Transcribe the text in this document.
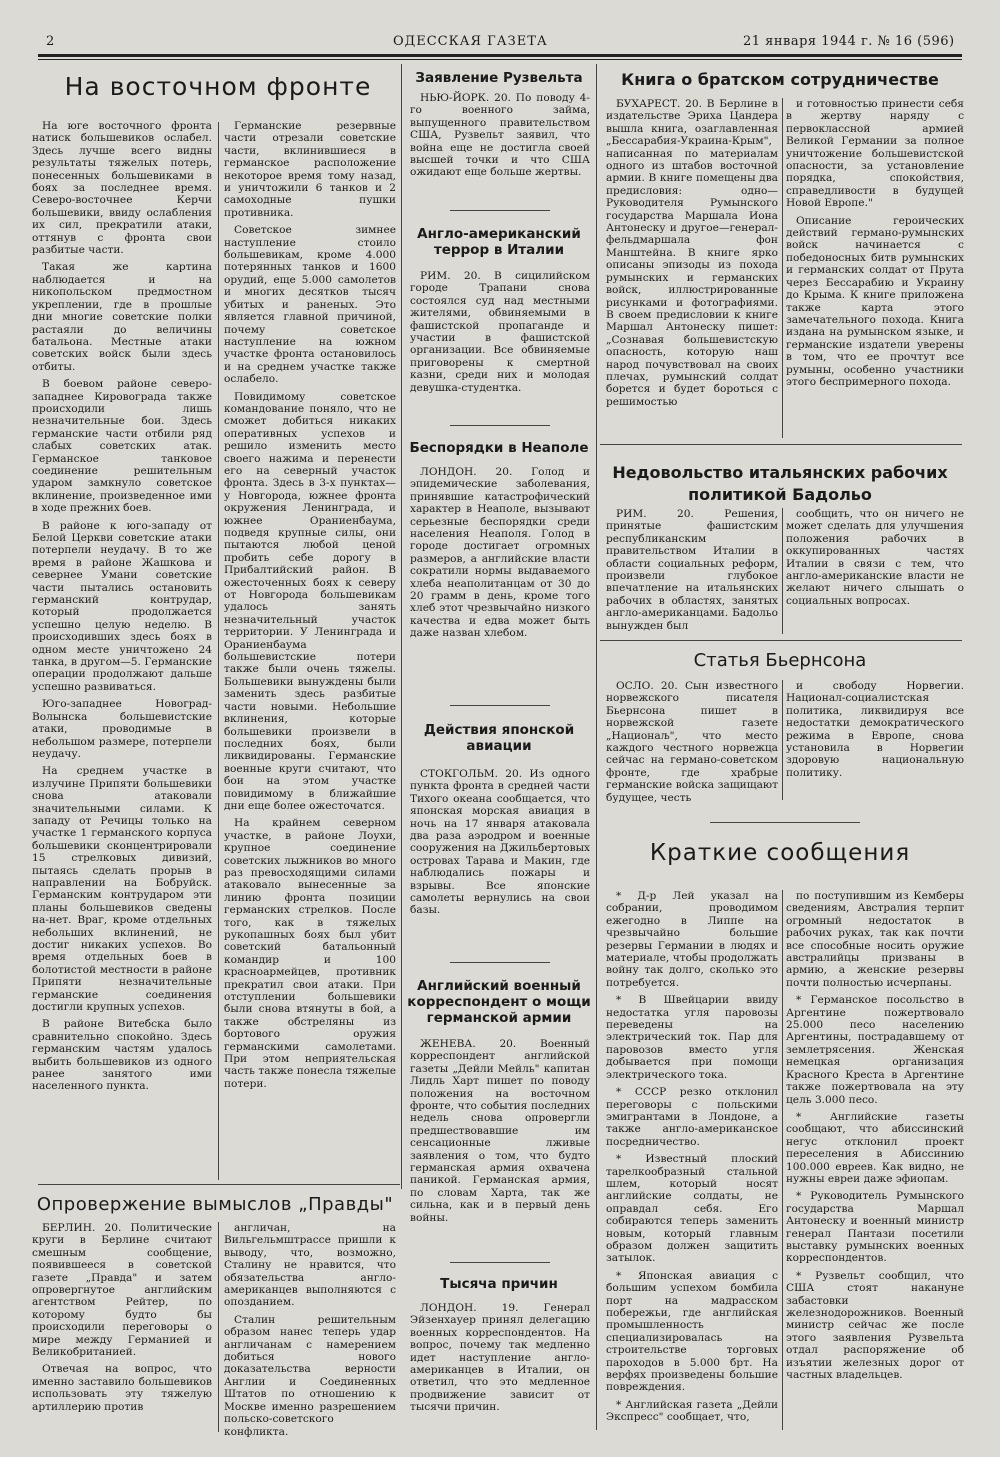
2	ОДЕССКАЯ ГАЗЕТА	21 января 1944 г. № 16 (596)
На восточном фронте

На юге восточного фронта натиск большевиков ослабел. Здесь лучше всего видны результаты тяжелых потерь, понесенных большевиками в боях за последнее время. Северо-восточнее Керчи большевики, ввиду ослабления их сил, прекратили атаки, оттянув с фронта свои разбитые части.

Такая же картина наблюдается и на никопольском предмостном укреплении, где в прошлые дни многие советские полки растаяли до величины батальона. Местные атаки советских войск были здесь отбиты.

В боевом районе северо-западнее Кировограда также происходили лишь незначительные бои. Здесь германские части отбили ряд слабых советских атак. Германское танковое соединение решительным ударом замкнуло советское вклинение, произведенное ими в ходе прежних боев.

В районе к юго-западу от Белой Церкви советские атаки потерпели неудачу. В то же время в районе Жашкова и севернее Умани советские части пытались остановить германский контрудар, который продолжается успешно целую неделю. В происходивших здесь боях в одном месте уничтожено 24 танка, в другом—5. Германские операции продолжают дальше успешно развиваться.

Юго-западнее Новоград-Волынска большевистские атаки, проводимые в небольшом размере, потерпели неудачу.

На среднем участке в излучине Припяти большевики снова атаковали значительными силами. К западу от Речицы только на участке 1 германского корпуса большевики сконцентрировали 15 стрелковых дивизий, пытаясь сделать прорыв в направлении на Бобруйск. Германским контрударом эти планы большевиков сведены на-нет. Враг, кроме отдельных небольших вклинений, не достиг никаких успехов. Во время отдельных боев в болотистой местности в районе Припяти незначительные германские соединения достигли крупных успехов.

В районе Витебска было сравнительно спокойно. Здесь германским частям удалось выбить большевиков из одного ранее занятого ими населенного пункта.

Германские резервные части отрезали советские части, вклинившиеся в германское расположение некоторое время тому назад, и уничтожили 6 танков и 2 самоходные пушки противника.

Советское зимнее наступление стоило большевикам, кроме 4.000 потерянных танков и 1600 орудий, еще 5.000 самолетов и многих десятков тысяч убитых и раненых. Это является главной причиной, почему советское наступление на южном участке фронта остановилось и на среднем участке также ослабело.

Повидимому советское командование поняло, что не сможет добиться никаких оперативных успехов и решило изменить место своего нажима и перенести его на северный участок фронта. Здесь в 3-х пунктах—у Новгорода, южнее фронта окружения Ленинграда, и южнее Ораниенбаума, подведя крупные силы, они пытаются любой ценой пробить себе дорогу в Прибалтийский район. В ожесточенных боях к северу от Новгорода большевикам удалось занять незначительный участок территории. У Ленинграда и Ораниенбаума большевистские потери также были очень тяжелы. Большевики вынуждены были заменить здесь разбитые части новыми. Небольшие вклинения, которые большевики произвели в последних боях, были ликвидированы. Германские военные круги считают, что бои на этом участке повидимому в ближайшие дни еще более ожесточатся.

На крайнем северном участке, в районе Лоухи, крупное соединение советских лыжников во много раз превосходящими силами атаковало вынесенные за линию фронта позиции германских стрелков. После того, как в тяжелых рукопашных боях был убит советский батальонный командир и 100 красноармейцев, противник прекратил свои атаки. При отступлении большевики были снова втянуты в бой, а также обстреляны из бортового оружия германскими самолетами. При этом неприятельская часть также понесла тяжелые потери.

Опровержение вымыслов „Правды"

БЕРЛИН. 20. Политические круги в Берлине считают смешным сообщение, появившееся в советской газете „Правда" и затем опровергнутое английским агентством Рейтер, по которому будто бы происходили переговоры о мире между Германией и Великобританией.

Отвечая на вопрос, что именно заставило большевиков использовать эту тяжелую артиллерию против

англичан, на Вильгельмштрассе пришли к выводу, что, возможно, Сталину не нравится, что обязательства англо-американцев выполняются с опозданием.

Сталин решительным образом нанес теперь удар англичанам с намерением добиться нового доказательства верности Англии и Соединенных Штатов по отношению к Москве именно разрешением польско-советского конфликта.

Заявление Рузвельта

НЬЮ-ЙОРК. 20. По поводу 4-го военного займа, выпущенного правительством США, Рузвельт заявил, что война еще не достигла своей высшей точки и что США ожидают еще больше жертвы.

Англо-американский террор в Италии

РИМ. 20. В сицилийском городе Трапани снова состоялся суд над местными жителями, обвиняемыми в фашистской пропаганде и участии в фашистской организации. Все обвиняемые приговорены к смертной казни, среди них и молодая девушка-студентка.

Беспорядки в Неаполе

ЛОНДОН. 20. Голод и эпидемические заболевания, принявшие катастрофический характер в Неаполе, вызывают серьезные беспорядки среди населения Неаполя. Голод в городе достигает огромных размеров, а английские власти сократили нормы выдаваемого хлеба неаполитанцам от 30 до 20 грамм в день, кроме того хлеб этот чрезвычайно низкого качества и едва может быть даже назван хлебом.

Действия японской авиации

СТОКГОЛЬМ. 20. Из одного пункта фронта в средней части Тихого океана сообщается, что японская морская авиация в ночь на 17 января атаковала два раза аэродром и военные сооружения на Джильбертовых островах Тарава и Макин, где наблюдались пожары и взрывы. Все японские самолеты вернулись на свои базы.

Английский военный корреспондент о мощи германской армии

ЖЕНЕВА. 20. Военный корреспондент английской газеты „Дейли Мейль" капитан Лидль Харт пишет по поводу положения на восточном фронте, что события последних недель снова опровергли предшествовавшие им сенсационные лживые заявления о том, что будто германская армия охвачена паникой. Германская армия, по словам Харта, так же сильна, как и в первый день войны.

Тысяча причин

ЛОНДОН. 19. Генерал Эйзенхауер принял делегацию военных корреспондентов. На вопрос, почему так медленно идет наступление англо-американцев в Италии, он ответил, что это медленное продвижение зависит от тысячи причин.

Книга о братском сотрудничестве

БУХАРЕСТ. 20. В Берлине в издательстве Эриха Цандера вышла книга, озаглавленная „Бессарабия-Украина-Крым", написанная по материалам одного из штабов восточной армии. В книге помещены два предисловия: одно—Руководителя Румынского государства Маршала Иона Антонеску и другое—генерал-фельдмаршала фон Манштейна. В книге ярко описаны эпизоды из похода румынских и германских войск, иллюстрированные рисунками и фотографиями. В своем предисловии к книге Маршал Антонеску пишет: „Сознавая большевистскую опасность, которую наш народ почувствовал на своих плечах, румынский солдат борется и будет бороться с решимостью

и готовностью принести себя в жертву наряду с первоклассной армией Великой Германии за полное уничтожение большевистской опасности, за установление порядка, спокойствия, справедливости в будущей Новой Европе."

Описание героических действий германо-румынских войск начинается с победоносных битв румынских и германских солдат от Прута через Бессарабию и Украину до Крыма. К книге приложена также карта этого замечательного похода. Книга издана на румынском языке, и германские издатели уверены в том, что ее прочтут все румыны, особенно участники этого беспримерного похода.

Недовольство итальянских рабочих политикой Бадольо

РИМ. 20. Решения, принятые фашистским республиканским правительством Италии в области социальных реформ, произвели глубокое впечатление на итальянских рабочих в областях, занятых англо-американцами. Бадольо вынужден был

сообщить, что он ничего не может сделать для улучшения положения рабочих в оккупированных частях Италии в связи с тем, что англо-американские власти не желают ничего слышать о социальных вопросах.

Статья Бьернсона

ОСЛО. 20. Сын известного норвежского писателя Бьернсона пишет в норвежской газете „Национаљ", что место каждого честного норвежца сейчас на германо-советском фронте, где храбрые германские войска защищают будущее, честь

и свободу Норвегии. Национал-социалистская политика, ликвидируя все недостатки демократического режима в Европе, снова установила в Норвегии здоровую национальную политику.

Краткие сообщения

* Д-р Лей указал на собрании, проводимом ежегодно в Липпе на чрезвычайно большие резервы Германии в людях и материале, чтобы продолжать войну так долго, сколько это потребуется.

* В Швейцарии ввиду недостатка угля паровозы переведены на электрический ток. Пар для паровозов вместо угля добывается при помощи электрического тока.

* СССР резко отклонил переговоры с польскими эмигрантами в Лондоне, а также англо-американское посредничество.

* Известный плоский тарелкообразный стальной шлем, который носят английские солдаты, не оправдал себя. Его собираются теперь заменить новым, который главным образом должен защитить затылок.

* Японская авиация с большим успехом бомбила порт на мадрасском побережьи, где английская промышленность специализировалась на строительстве торговых пароходов в 5.000 брт. На верфях произведены большие повреждения.

* Английская газета „Дейли Экспресс" сообщает, что,

по поступившим из Кемберы сведениям, Австралия терпит огромный недостаток в рабочих руках, так как почти все способные носить оружие австралийцы призваны в армию, а женские резервы почти полностью исчерпаны.

* Германское посольство в Аргентине пожертвовало 25.000 песо населению Аргентины, пострадавшему от землетрясения. Женская немецкая организация Красного Креста в Аргентине также пожертвовала на эту цель 3.000 песо.

* Английские газеты сообщают, что абиссинский негус отклонил проект переселения в Абиссинию 100.000 евреев. Как видно, не нужны евреи даже эфиопам.

* Руководитель Румынского государства Маршал Антонеску и военный министр генерал Пантази посетили выставку румынских военных корреспондентов.

* Рузвельт сообщил, что США стоят накануне забастовки железнодорожников. Военный министр сейчас же после этого заявления Рузвельта отдал распоряжение об изъятии железных дорог от частных владельцев.
